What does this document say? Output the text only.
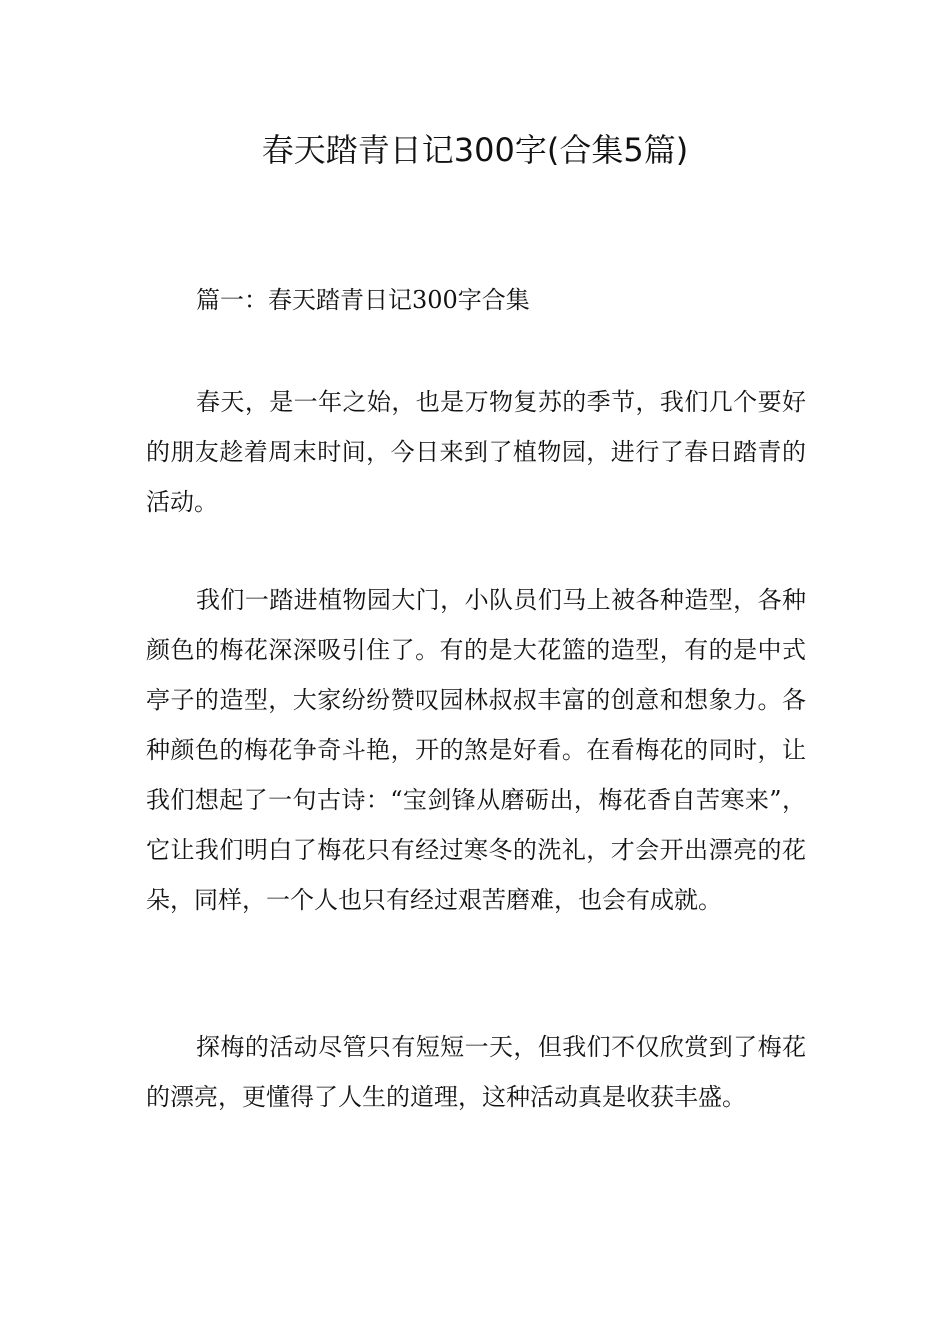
春天踏青日记300字(合集5篇)
篇一：春天踏青日记300字合集

春天，是一年之始，也是万物复苏的季节，我们几个要好的朋友趁着周末时间，今日来到了植物园，进行了春日踏青的活动。

我们一踏进植物园大门，小队员们马上被各种造型，各种颜色的梅花深深吸引住了。有的是大花篮的造型，有的是中式亭子的造型，大家纷纷赞叹园林叔叔丰富的创意和想象力。各种颜色的梅花争奇斗艳，开的煞是好看。在看梅花的同时，让我们想起了一句古诗：“宝剑锋从磨砺出，梅花香自苦寒来”，它让我们明白了梅花只有经过寒冬的洗礼，才会开出漂亮的花朵，同样，一个人也只有经过艰苦磨难，也会有成就。

探梅的活动尽管只有短短一天，但我们不仅欣赏到了梅花的漂亮，更懂得了人生的道理，这种活动真是收获丰盛。
